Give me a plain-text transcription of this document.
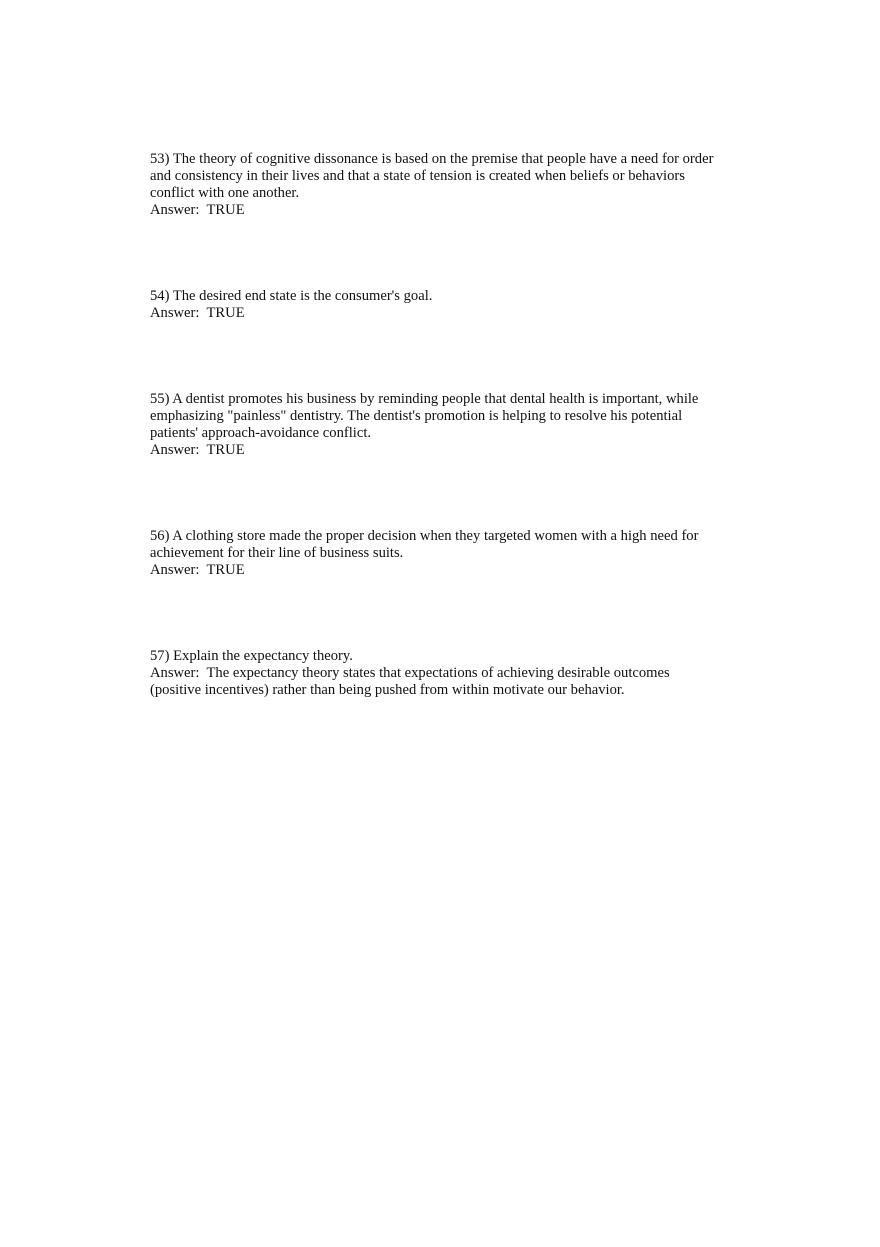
53) The theory of cognitive dissonance is based on the premise that people have a need for order

and consistency in their lives and that a state of tension is created when beliefs or behaviors

conflict with one another.

Answer: TRUE

54) The desired end state is the consumer's goal.

Answer: TRUE

55) A dentist promotes his business by reminding people that dental health is important, while

emphasizing "painless" dentistry. The dentist's promotion is helping to resolve his potential

patients' approach-avoidance conflict.

Answer: TRUE

56) A clothing store made the proper decision when they targeted women with a high need for

achievement for their line of business suits.

Answer: TRUE

57) Explain the expectancy theory.

Answer: The expectancy theory states that expectations of achieving desirable outcomes

(positive incentives) rather than being pushed from within motivate our behavior.
